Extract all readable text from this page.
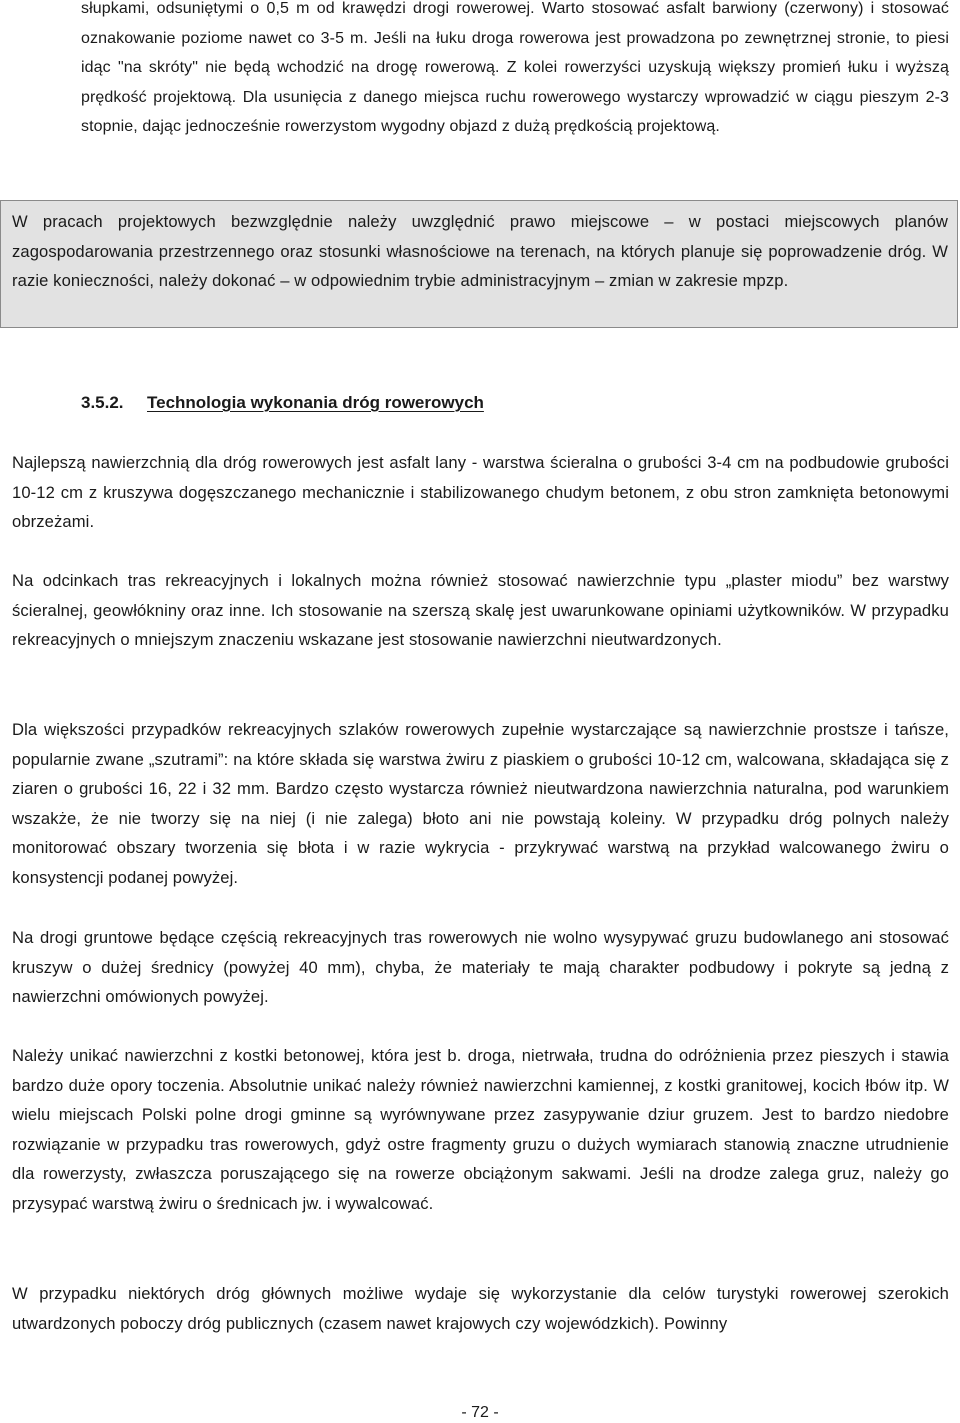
słupkami, odsuniętymi o 0,5 m od krawędzi drogi rowerowej. Warto stosować asfalt barwiony (czerwony) i stosować oznakowanie poziome nawet co 3-5 m. Jeśli na łuku droga rowerowa jest prowadzona po zewnętrznej stronie, to piesi idąc "na skróty" nie będą wchodzić na drogę rowerową. Z kolei rowerzyści uzyskują większy promień łuku i wyższą prędkość projektową. Dla usunięcia z danego miejsca ruchu rowerowego wystarczy wprowadzić w ciągu pieszym 2-3 stopnie, dając jednocześnie rowerzystom wygodny objazd z dużą prędkością projektową.

W pracach projektowych bezwzględnie należy uwzględnić prawo miejscowe – w postaci miejscowych planów zagospodarowania przestrzennego oraz stosunki własnościowe na terenach, na których planuje się poprowadzenie dróg. W razie konieczności, należy dokonać – w odpowiednim trybie administracyjnym – zmian w zakresie mpzp.

3.5.2. Technologia wykonania dróg rowerowych

Najlepszą nawierzchnią dla dróg rowerowych jest asfalt lany - warstwa ścieralna o grubości 3-4 cm na podbudowie grubości 10-12 cm z kruszywa dogęszczanego mechanicznie i stabilizowanego chudym betonem, z obu stron zamknięta betonowymi obrzeżami.

Na odcinkach tras rekreacyjnych i lokalnych można również stosować nawierzchnie typu „plaster miodu” bez warstwy ścieralnej, geowłókniny oraz inne. Ich stosowanie na szerszą skalę jest uwarunkowane opiniami użytkowników. W przypadku rekreacyjnych o mniejszym znaczeniu wskazane jest stosowanie nawierzchni nieutwardzonych.

Dla większości przypadków rekreacyjnych szlaków rowerowych zupełnie wystarczające są nawierzchnie prostsze i tańsze, popularnie zwane „szutrami”: na które składa się warstwa żwiru z piaskiem o grubości 10-12 cm, walcowana, składająca się z ziaren o grubości 16, 22 i 32 mm. Bardzo często wystarcza również nieutwardzona nawierzchnia naturalna, pod warunkiem wszakże, że nie tworzy się na niej (i nie zalega) błoto ani nie powstają koleiny. W przypadku dróg polnych należy monitorować obszary tworzenia się błota i w razie wykrycia - przykrywać warstwą na przykład walcowanego żwiru o konsystencji podanej powyżej.

Na drogi gruntowe będące częścią rekreacyjnych tras rowerowych nie wolno wysypywać gruzu budowlanego ani stosować kruszyw o dużej średnicy (powyżej 40 mm), chyba, że materiały te mają charakter podbudowy i pokryte są jedną z nawierzchni omówionych powyżej.

Należy unikać nawierzchni z kostki betonowej, która jest b. droga, nietrwała, trudna do odróżnienia przez pieszych i stawia bardzo duże opory toczenia. Absolutnie unikać należy również nawierzchni kamiennej, z kostki granitowej, kocich łbów itp. W wielu miejscach Polski polne drogi gminne są wyrównywane przez zasypywanie dziur gruzem. Jest to bardzo niedobre rozwiązanie w przypadku tras rowerowych, gdyż ostre fragmenty gruzu o dużych wymiarach stanowią znaczne utrudnienie dla rowerzysty, zwłaszcza poruszającego się na rowerze obciążonym sakwami. Jeśli na drodze zalega gruz, należy go przysypać warstwą żwiru o średnicach jw. i wywalcować.

W przypadku niektórych dróg głównych możliwe wydaje się wykorzystanie dla celów turystyki rowerowej szerokich utwardzonych poboczy dróg publicznych (czasem nawet krajowych czy wojewódzkich). Powinny

- 72 -
